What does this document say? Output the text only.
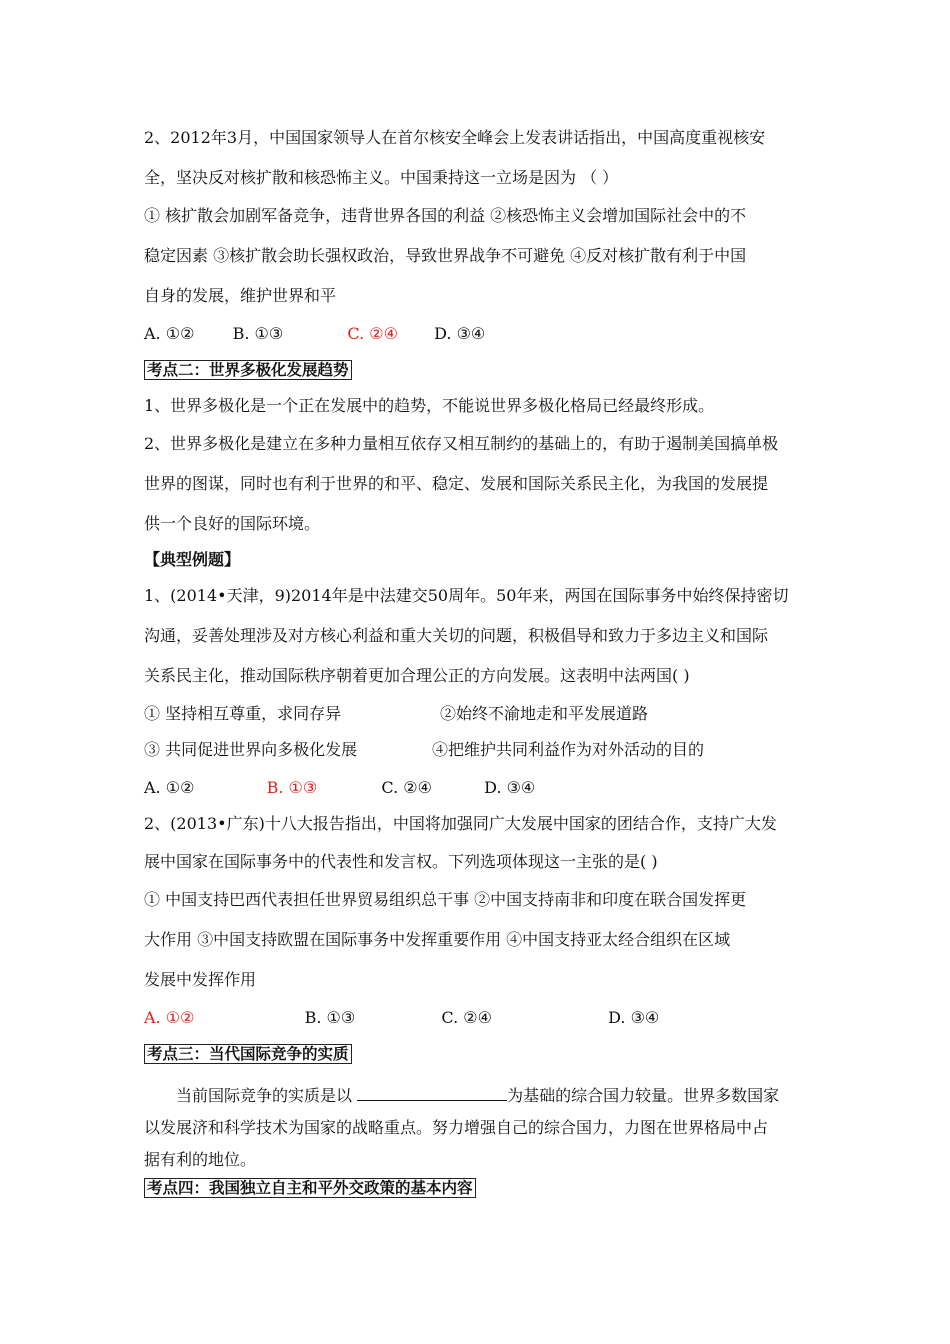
2、2012年3月，中国国家领导人在首尔核安全峰会上发表讲话指出，中国高度重视核安
全，坚决反对核扩散和核恐怖主义。中国秉持这一立场是因为 （ ）
① 核扩散会加剧军备竞争，违背世界各国的利益 ②核恐怖主义会增加国际社会中的不
稳定因素 ③核扩散会助长强权政治，导致世界战争不可避免 ④反对核扩散有利于中国
自身的发展，维护世界和平
A. ①② B. ①③	C. ②④ D. ③④
考点二：世界多极化发展趋势
1、世界多极化是一个正在发展中的趋势，不能说世界多极化格局已经最终形成。
2、世界多极化是建立在多种力量相互依存又相互制约的基础上的，有助于遏制美国搞单极
世界的图谋，同时也有利于世界的和平、稳定、发展和国际关系民主化，为我国的发展提
供一个良好的国际环境。
【典型例题】
1、(2014•天津，9)2014年是中法建交50周年。50年来，两国在国际事务中始终保持密切
沟通，妥善处理涉及对方核心利益和重大关切的问题，积极倡导和致力于多边主义和国际
关系民主化，推动国际秩序朝着更加合理公正的方向发展。这表明中法两国( )
① 坚持相互尊重，求同存异	②始终不渝地走和平发展道路
③ 共同促进世界向多极化发展	④把维护共同利益作为对外活动的目的
A. ①②	B. ①③	C. ②④	D. ③④
2、(2013•广东)十八大报告指出，中国将加强同广大发展中国家的团结合作，支持广大发
展中国家在国际事务中的代表性和发言权。下列选项体现这一主张的是( )
① 中国支持巴西代表担任世界贸易组织总干事 ②中国支持南非和印度在联合国发挥更
大作用 ③中国支持欧盟在国际事务中发挥重要作用 ④中国支持亚太经合组织在区域
发展中发挥作用
A. ①②	B. ①③	C. ②④	D. ③④
考点三：当代国际竞争的实质
当前国际竞争的实质是以	为基础的综合国力较量。世界多数国家
以发展济和科学技术为国家的战略重点。努力增强自己的综合国力，力图在世界格局中占
据有利的地位。
考点四：我国独立自主和平外交政策的基本内容
